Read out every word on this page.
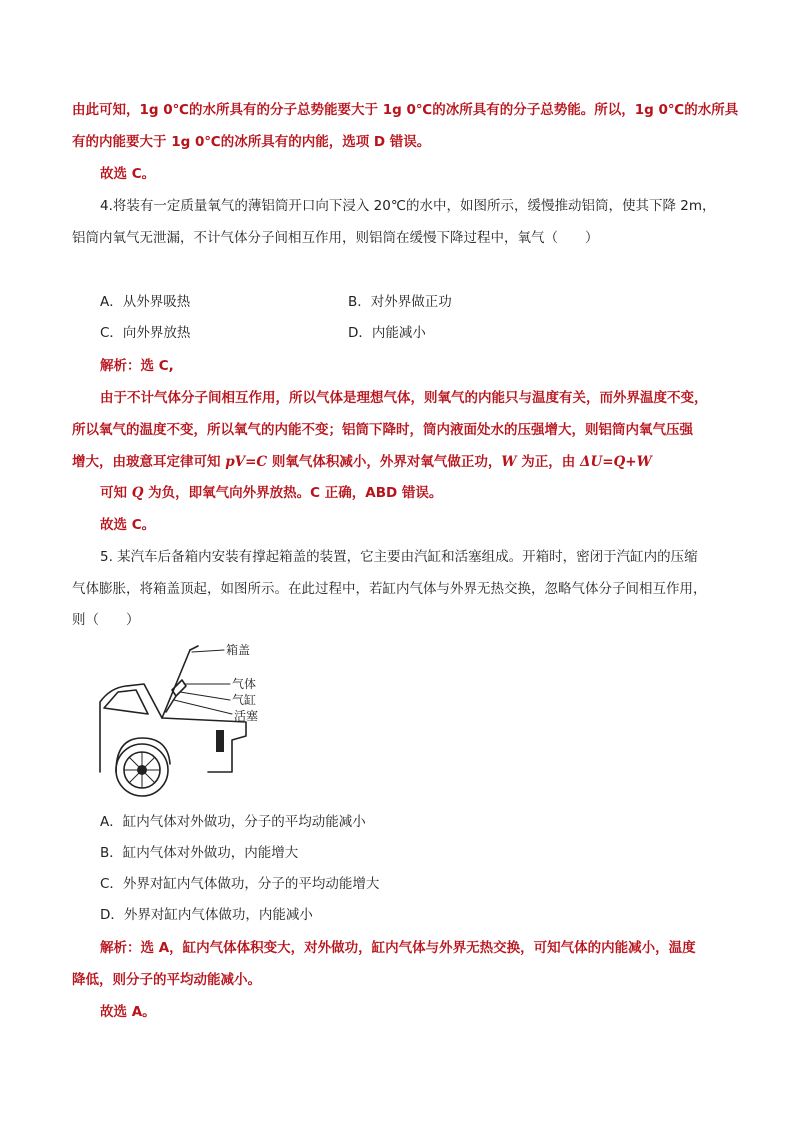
由此可知，1g 0℃的水所具有的分子总势能要大于 1g 0℃的冰所具有的分子总势能。所以，1g 0℃的水所具
有的内能要大于 1g 0℃的冰所具有的内能，选项 D 错误。
故选 C。
4.将装有一定质量氧气的薄铝筒开口向下浸入 20℃的水中，如图所示，缓慢推动铝筒，使其下降 2m，
铝筒内氧气无泄漏，不计气体分子间相互作用，则铝筒在缓慢下降过程中，氧气（　　）
A．从外界吸热	B．对外界做正功
C．向外界放热	D．内能减小
解析：选 C,
由于不计气体分子间相互作用，所以气体是理想气体，则氧气的内能只与温度有关，而外界温度不变，
所以氧气的温度不变，所以氧气的内能不变；铝筒下降时，筒内液面处水的压强增大，则铝筒内氧气压强
增大，由玻意耳定律可知 pV=C 则氧气体积减小，外界对氧气做正功，W 为正，由 ΔU=Q+W
可知 Q 为负，即氧气向外界放热。C 正确，ABD 错误。
故选 C。
5. 某汽车后备箱内安装有撑起箱盖的装置，它主要由汽缸和活塞组成。开箱时，密闭于汽缸内的压缩
气体膨胀，将箱盖顶起，如图所示。在此过程中，若缸内气体与外界无热交换，忽略气体分子间相互作用，
则（　　）
箱盖
气体
气缸
活塞
A．缸内气体对外做功，分子的平均动能减小
B．缸内气体对外做功，内能增大
C．外界对缸内气体做功，分子的平均动能增大
D．外界对缸内气体做功，内能减小
解析：选 A，缸内气体体积变大，对外做功，缸内气体与外界无热交换，可知气体的内能减小，温度
降低，则分子的平均动能减小。
故选 A。
